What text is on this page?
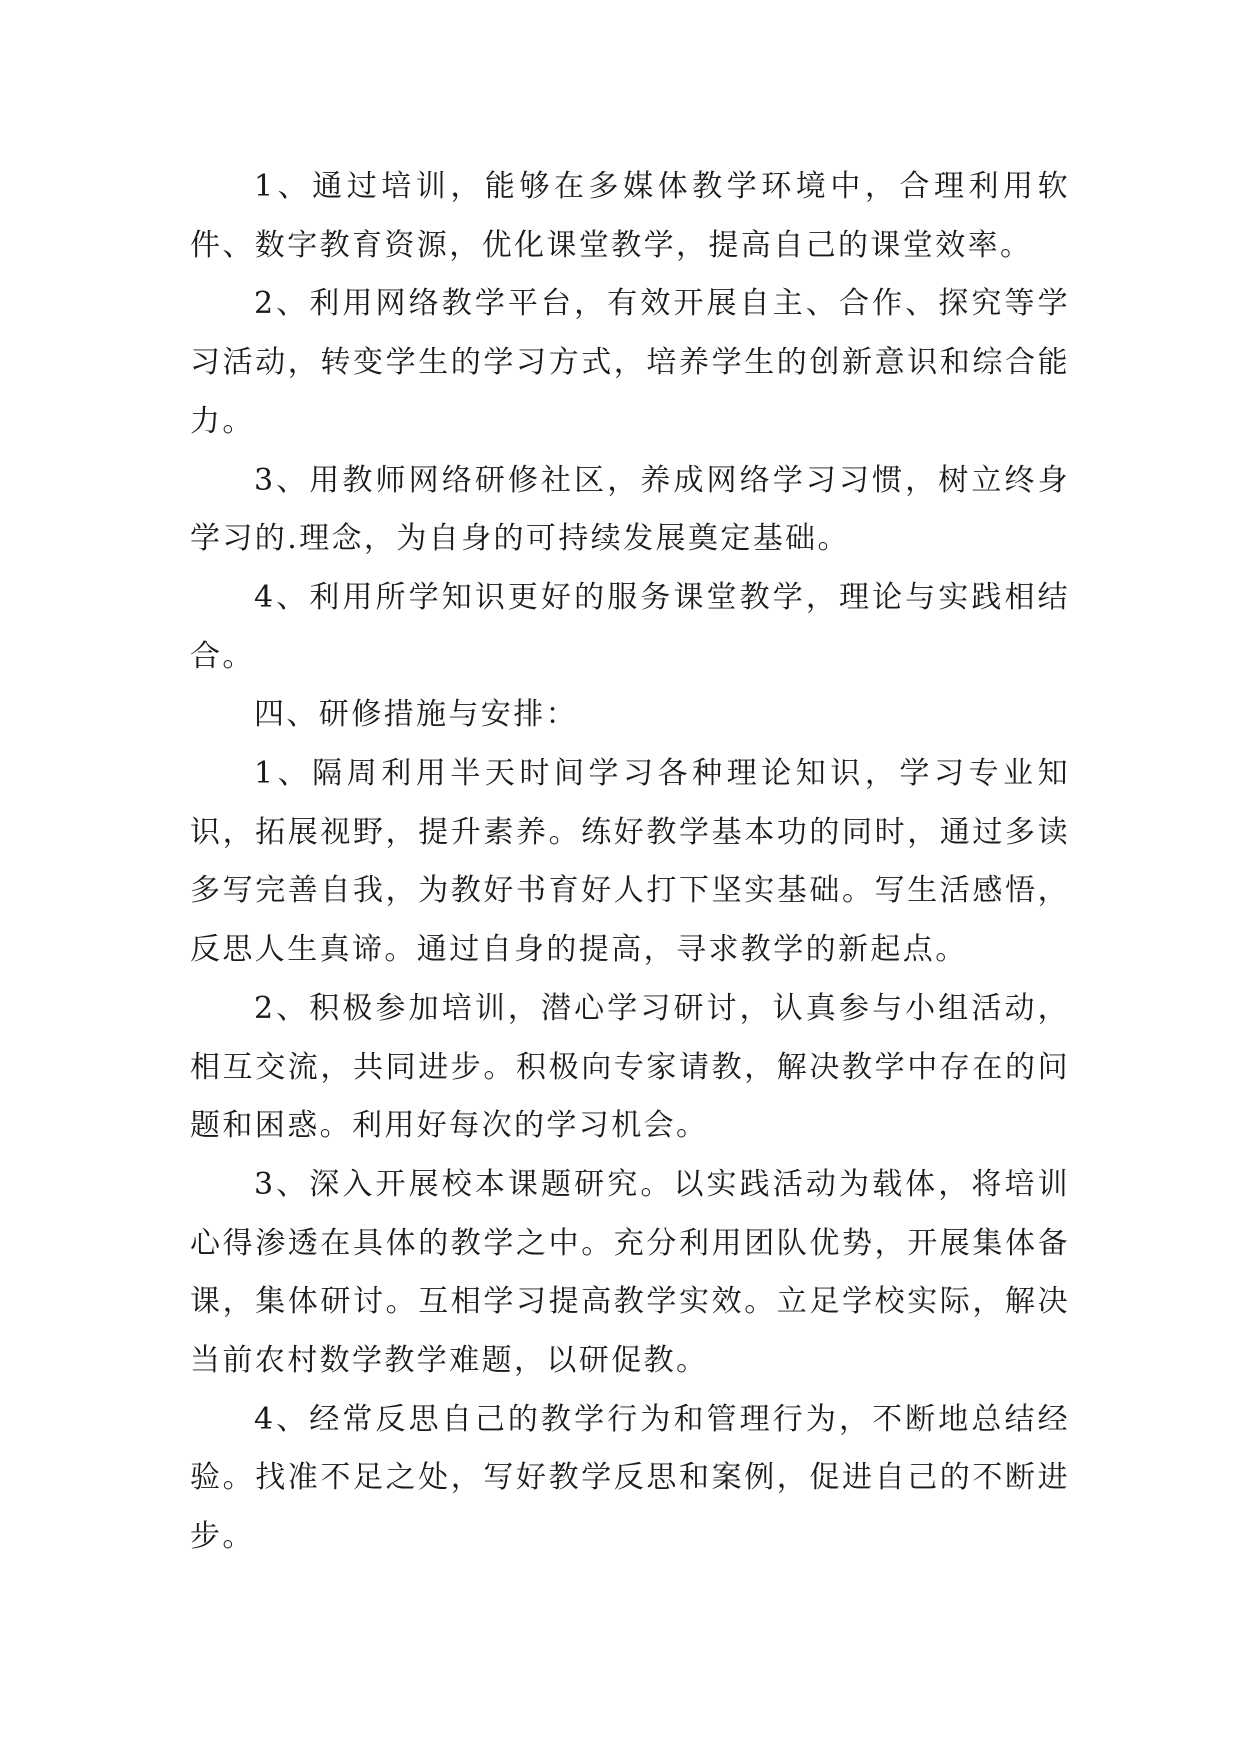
1、通过培训，能够在多媒体教学环境中，合理利用软件、数字教育资源，优化课堂教学，提高自己的课堂效率。

2、利用网络教学平台，有效开展自主、合作、探究等学习活动，转变学生的学习方式，培养学生的创新意识和综合能力。

3、用教师网络研修社区，养成网络学习习惯，树立终身学习的.理念，为自身的可持续发展奠定基础。

4、利用所学知识更好的服务课堂教学，理论与实践相结合。

四、研修措施与安排：

1、隔周利用半天时间学习各种理论知识，学习专业知识，拓展视野，提升素养。练好教学基本功的同时，通过多读多写完善自我，为教好书育好人打下坚实基础。写生活感悟，反思人生真谛。通过自身的提高，寻求教学的新起点。

2、积极参加培训，潜心学习研讨，认真参与小组活动，相互交流，共同进步。积极向专家请教，解决教学中存在的问题和困惑。利用好每次的学习机会。

3、深入开展校本课题研究。以实践活动为载体，将培训心得渗透在具体的教学之中。充分利用团队优势，开展集体备课，集体研讨。互相学习提高教学实效。立足学校实际，解决当前农村数学教学难题，以研促教。

4、经常反思自己的教学行为和管理行为，不断地总结经验。找准不足之处，写好教学反思和案例，促进自己的不断进步。
